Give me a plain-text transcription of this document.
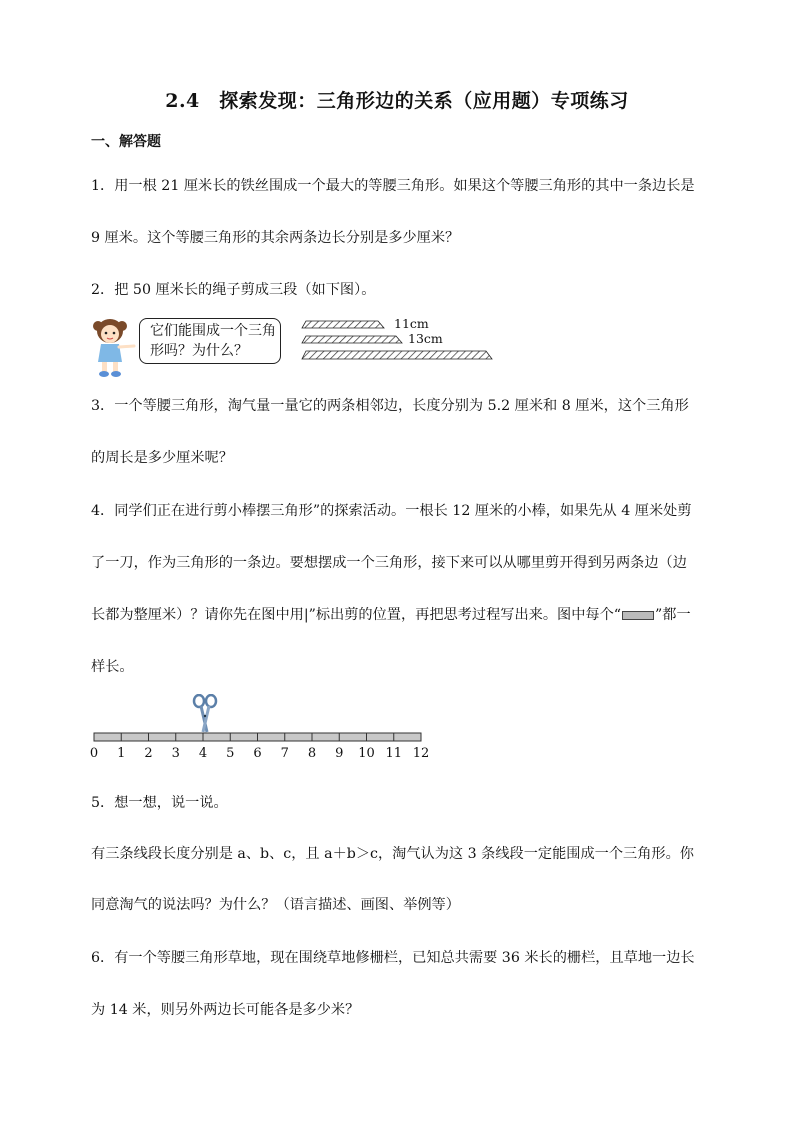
2.4　探索发现：三角形边的关系（应用题）专项练习
一、解答题
1．用一根 21 厘米长的铁丝围成一个最大的等腰三角形。如果这个等腰三角形的其中一条边长是
9 厘米。这个等腰三角形的其余两条边长分别是多少厘米？
2．把 50 厘米长的绳子剪成三段（如下图）。
它们能围成一个三角形吗？为什么？
11cm
13cm
3．一个等腰三角形，淘气量一量它的两条相邻边，长度分别为 5.2 厘米和 8 厘米，这个三角形
的周长是多少厘米呢？
4．同学们正在进行剪小棒摆三角形”的探索活动。一根长 12 厘米的小棒，如果先从 4 厘米处剪
了一刀，作为三角形的一条边。要想摆成一个三角形，接下来可以从哪里剪开得到另两条边（边
长都为整厘米）？请你先在图中用|”标出剪的位置，再把思考过程写出来。图中每个“ ”都一
样长。
0	1	2	3	4	5	6	7	8	9	10 11 12
5．想一想，说一说。
有三条线段长度分别是 a、b、c，且 a＋b＞c，淘气认为这 3 条线段一定能围成一个三角形。你
同意淘气的说法吗？为什么？（语言描述、画图、举例等）
6．有一个等腰三角形草地，现在围绕草地修栅栏，已知总共需要 36 米长的栅栏，且草地一边长
为 14 米，则另外两边长可能各是多少米？
